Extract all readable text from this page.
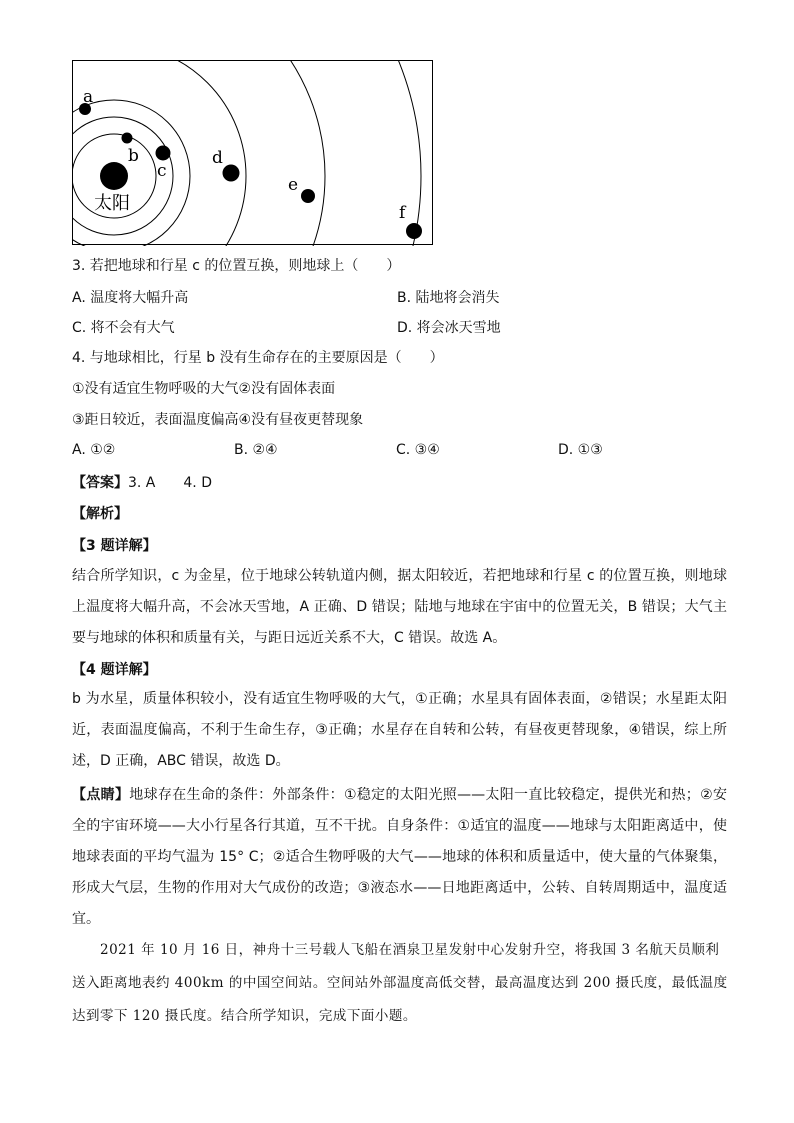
太阳
a
b
c
d
e
f
3. 若把地球和行星 c 的位置互换，则地球上（　　）
A. 温度将大幅升高	B. 陆地将会消失
C. 将不会有大气	D. 将会冰天雪地
4. 与地球相比，行星 b 没有生命存在的主要原因是（　　）
①没有适宜生物呼吸的大气②没有固体表面
③距日较近，表面温度偏高④没有昼夜更替现象
A. ①②	B. ②④	C. ③④	D. ①③
【答案】3. A　　4. D
【解析】
【3 题详解】
结合所学知识，c 为金星，位于地球公转轨道内侧，据太阳较近，若把地球和行星 c 的位置互换，则地球上温度将大幅升高，不会冰天雪地，A 正确、D 错误；陆地与地球在宇宙中的位置无关，B 错误；大气主要与地球的体积和质量有关，与距日远近关系不大，C 错误。故选 A。
【4 题详解】
b 为水星，质量体积较小，没有适宜生物呼吸的大气，①正确；水星具有固体表面，②错误；水星距太阳近，表面温度偏高，不利于生命生存，③正确；水星存在自转和公转，有昼夜更替现象，④错误，综上所述，D 正确，ABC 错误，故选 D。
【点睛】地球存在生命的条件：外部条件：①稳定的太阳光照——太阳一直比较稳定，提供光和热；②安全的宇宙环境——大小行星各行其道，互不干扰。自身条件：①适宜的温度——地球与太阳距离适中，使地球表面的平均气温为 15° C；②适合生物呼吸的大气——地球的体积和质量适中，使大量的气体聚集，形成大气层，生物的作用对大气成份的改造；③液态水——日地距离适中，公转、自转周期适中，温度适宜。
2021 年 10 月 16 日，神舟十三号载人飞船在酒泉卫星发射中心发射升空，将我国 3 名航天员顺利送入距离地表约 400km 的中国空间站。空间站外部温度高低交替，最高温度达到 200 摄氏度，最低温度达到零下 120 摄氏度。结合所学知识，完成下面小题。
